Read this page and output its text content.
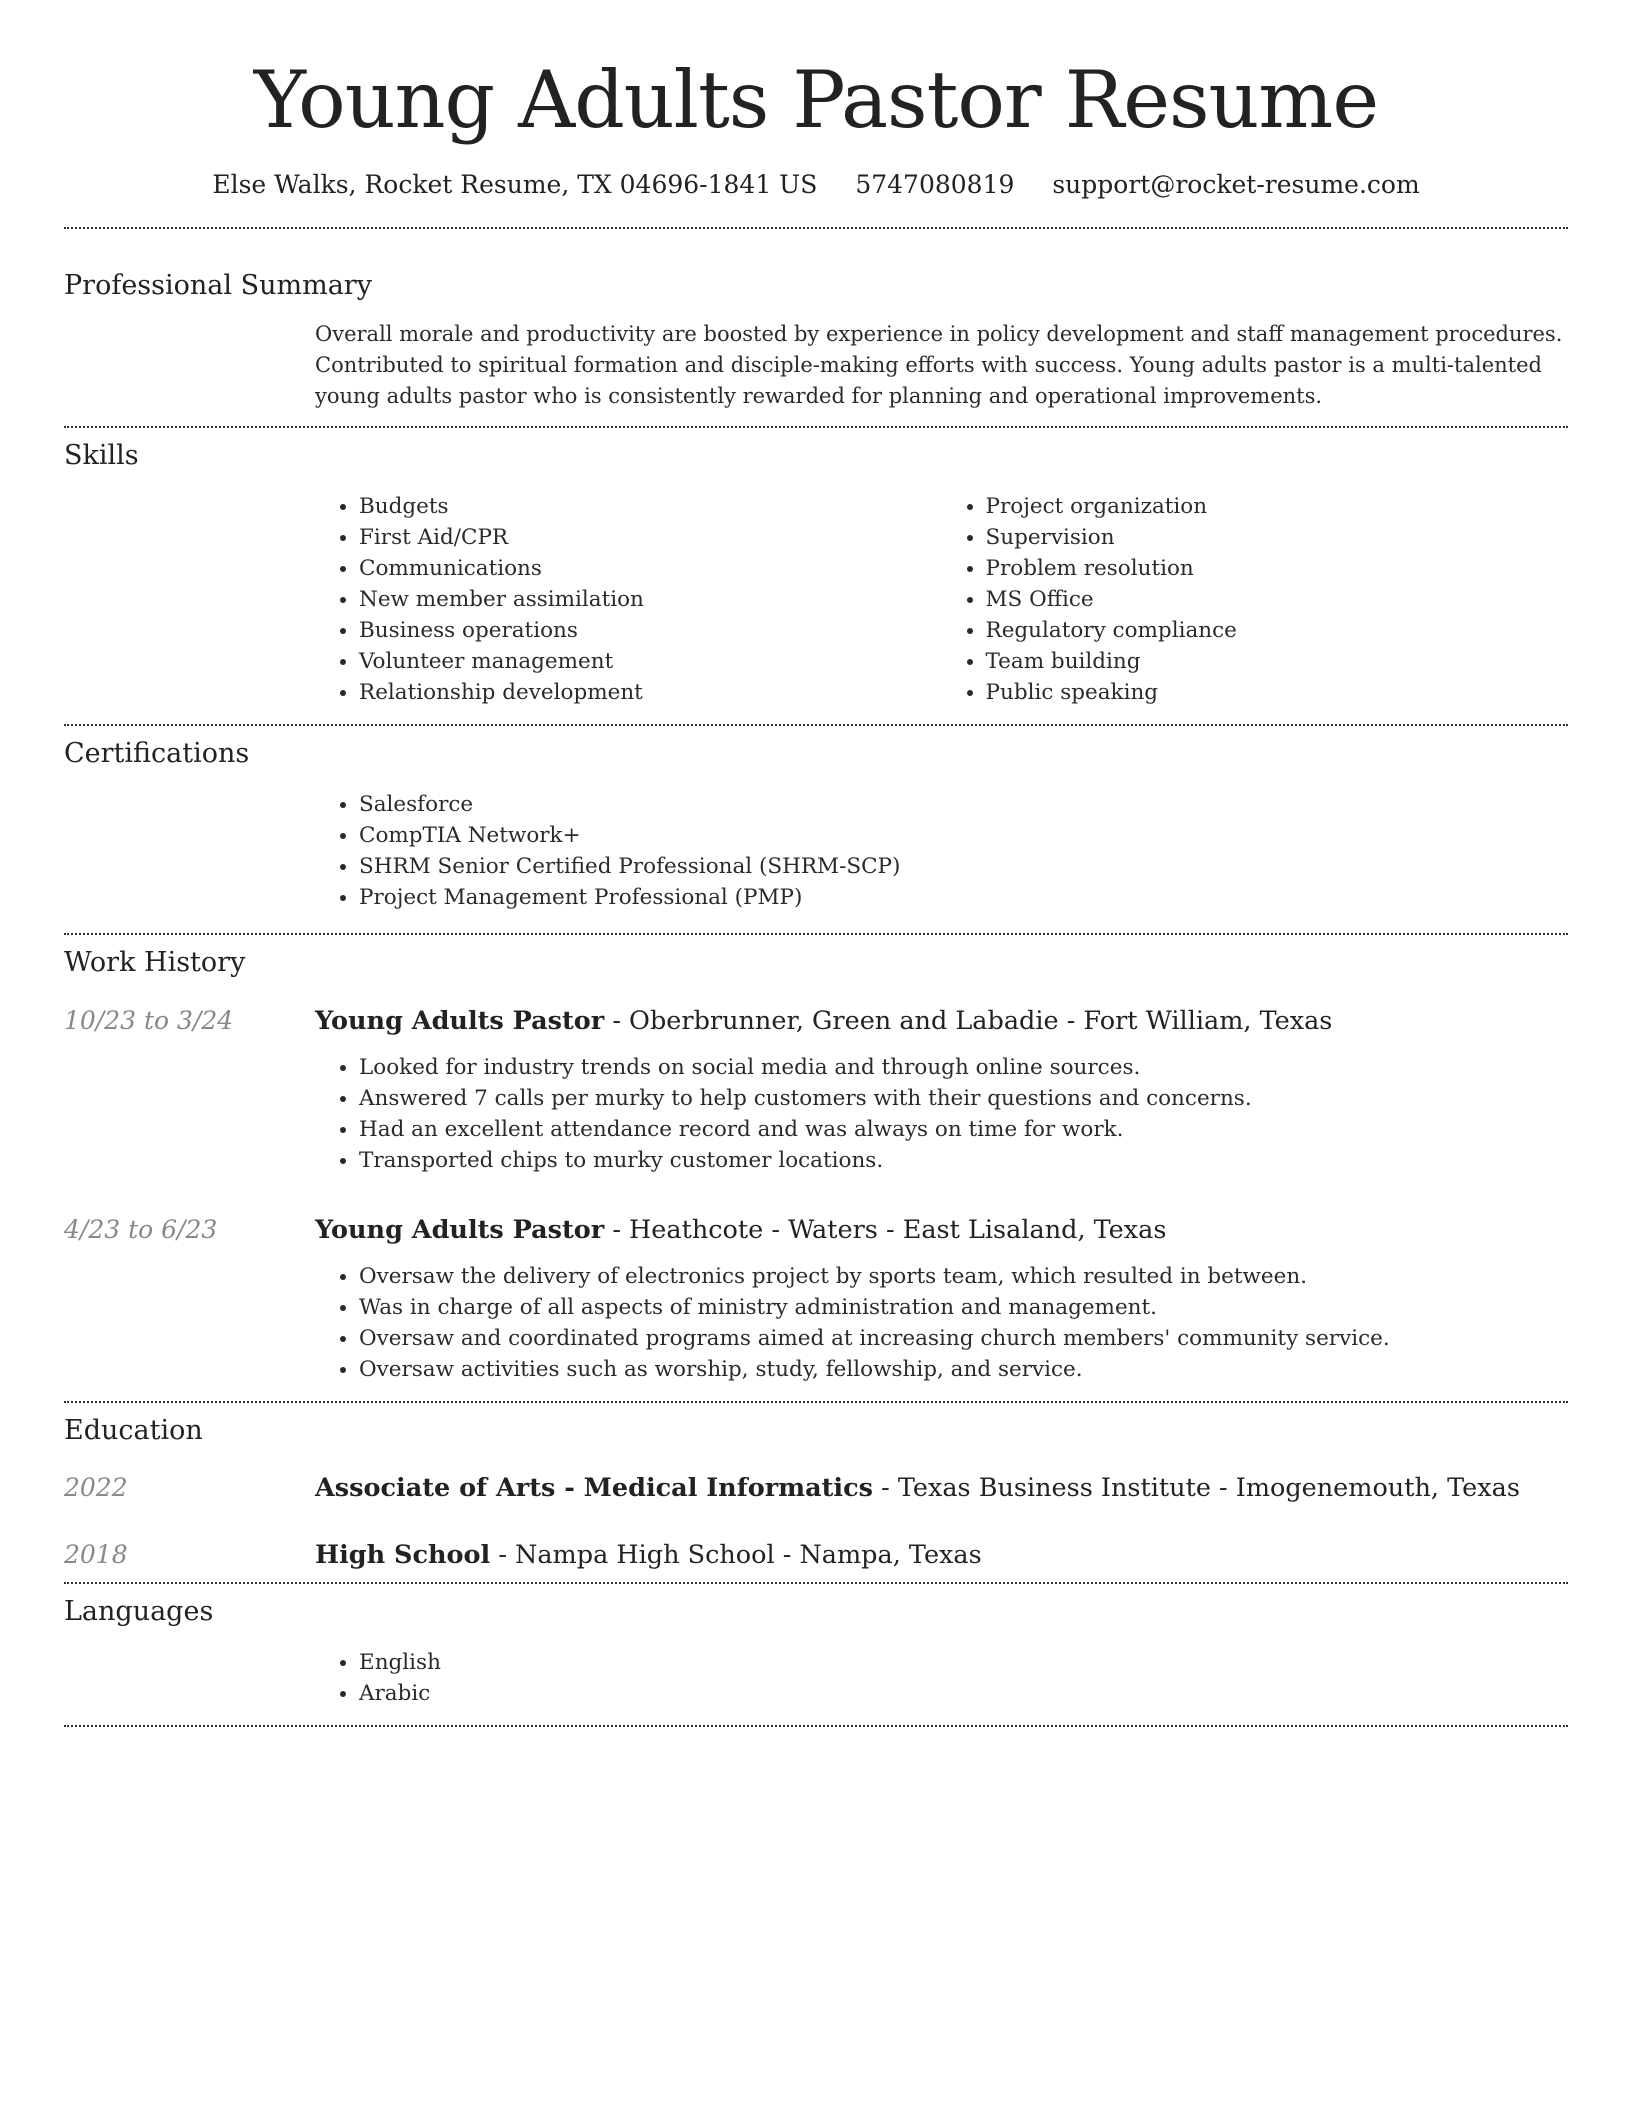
Young Adults Pastor Resume
Else Walks, Rocket Resume, TX 04696-1841 US 5747080819 support@rocket-resume.com
Professional Summary

Overall morale and productivity are boosted by experience in policy development and staff management procedures. Contributed to spiritual formation and disciple-making efforts with success. Young adults pastor is a multi-talented young adults pastor who is consistently rewarded for planning and operational improvements.

Skills
• Budgets
• First Aid/CPR
• Communications
• New member assimilation
• Business operations
• Volunteer management
• Relationship development
• Project organization
• Supervision
• Problem resolution
• MS Office
• Regulatory compliance
• Team building
• Public speaking
Certifications
• Salesforce
• CompTIA Network+
• SHRM Senior Certified Professional (SHRM-SCP)
• Project Management Professional (PMP)
Work History
10/23 to 3/24	Young Adults Pastor - Oberbrunner, Green and Labadie - Fort William, Texas
• Looked for industry trends on social media and through online sources.
• Answered 7 calls per murky to help customers with their questions and concerns.
• Had an excellent attendance record and was always on time for work.
• Transported chips to murky customer locations.
4/23 to 6/23	Young Adults Pastor - Heathcote - Waters - East Lisaland, Texas
• Oversaw the delivery of electronics project by sports team, which resulted in between.
• Was in charge of all aspects of ministry administration and management.
• Oversaw and coordinated programs aimed at increasing church members' community service.
• Oversaw activities such as worship, study, fellowship, and service.
Education
2022	Associate of Arts - Medical Informatics - Texas Business Institute - Imogenemouth, Texas
2018	High School - Nampa High School - Nampa, Texas
Languages
• English
• Arabic
